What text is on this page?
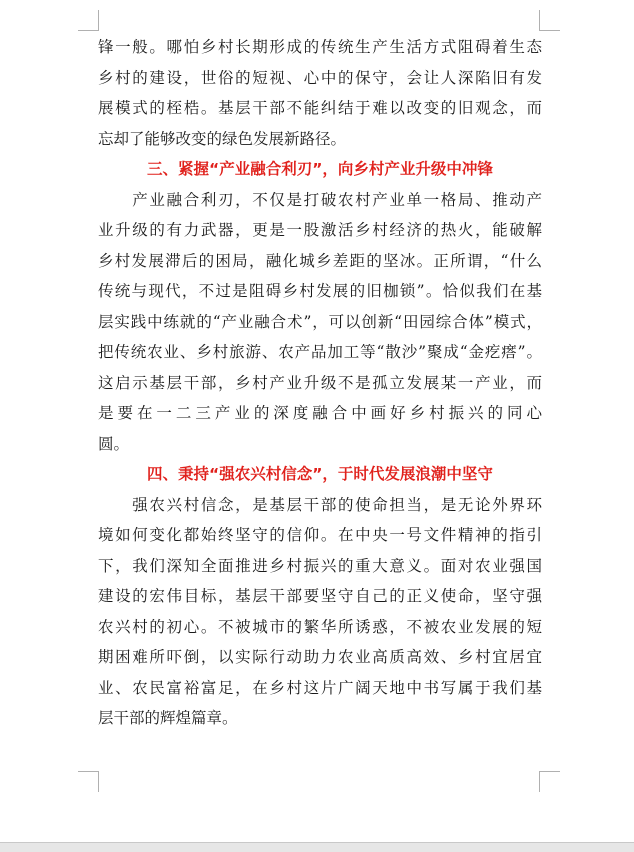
锋一般。哪怕乡村长期形成的传统生产生活方式阻碍着生态
乡村的建设，世俗的短视、心中的保守，会让人深陷旧有发
展模式的桎梏。基层干部不能纠结于难以改变的旧观念，而
忘却了能够改变的绿色发展新路径。
三、紧握“产业融合利刃”，向乡村产业升级中冲锋
　　产业融合利刃，不仅是打破农村产业单一格局、推动产
业升级的有力武器，更是一股激活乡村经济的热火，能破解
乡村发展滞后的困局，融化城乡差距的坚冰。正所谓，“什么
传统与现代，不过是阻碍乡村发展的旧枷锁”。恰似我们在基
层实践中练就的“产业融合术”，可以创新“田园综合体”模式，
把传统农业、乡村旅游、农产品加工等“散沙”聚成“金疙瘩”。
这启示基层干部，乡村产业升级不是孤立发展某一产业，而
是要在一二三产业的深度融合中画好乡村振兴的同心
圆。
四、秉持“强农兴村信念”，于时代发展浪潮中坚守
　　强农兴村信念，是基层干部的使命担当，是无论外界环
境如何变化都始终坚守的信仰。在中央一号文件精神的指引
下，我们深知全面推进乡村振兴的重大意义。面对农业强国
建设的宏伟目标，基层干部要坚守自己的正义使命，坚守强
农兴村的初心。不被城市的繁华所诱惑，不被农业发展的短
期困难所吓倒，以实际行动助力农业高质高效、乡村宜居宜
业、农民富裕富足，在乡村这片广阔天地中书写属于我们基
层干部的辉煌篇章。
